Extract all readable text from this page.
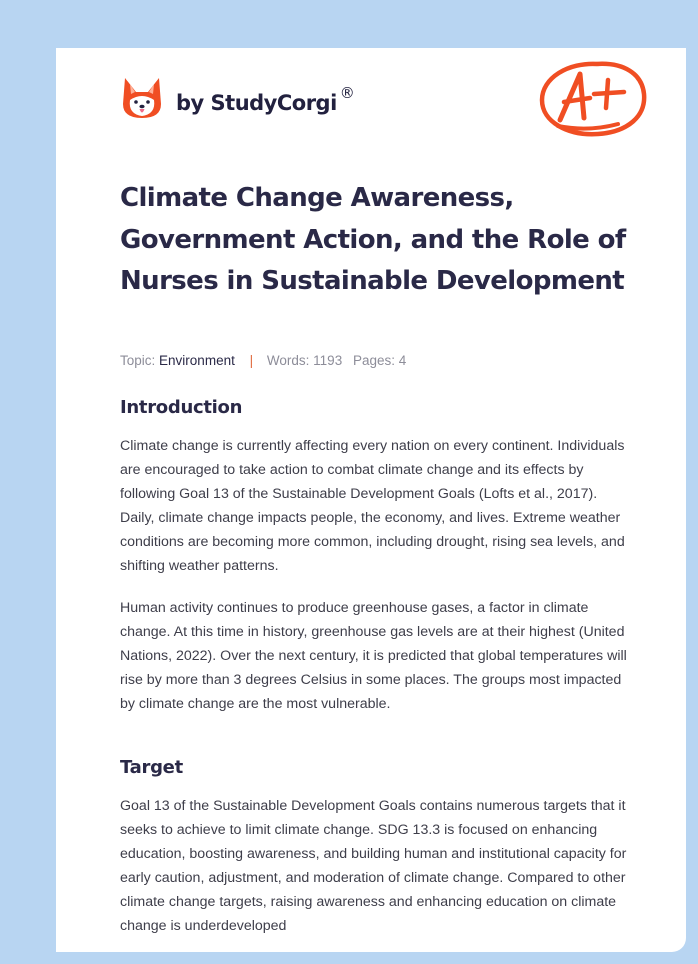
by StudyCorgi ®
Climate Change Awareness, Government Action, and the Role of Nurses in Sustainable Development
Topic: Environment | Words: 1193 Pages: 4
Introduction

Climate change is currently affecting every nation on every continent. Individuals are encouraged to take action to combat climate change and its effects by following Goal 13 of the Sustainable Development Goals (Lofts et al., 2017). Daily, climate change impacts people, the economy, and lives. Extreme weather conditions are becoming more common, including drought, rising sea levels, and shifting weather patterns.

Human activity continues to produce greenhouse gases, a factor in climate change. At this time in history, greenhouse gas levels are at their highest (United Nations, 2022). Over the next century, it is predicted that global temperatures will rise by more than 3 degrees Celsius in some places. The groups most impacted by climate change are the most vulnerable.

Target

Goal 13 of the Sustainable Development Goals contains numerous targets that it seeks to achieve to limit climate change. SDG 13.3 is focused on enhancing education, boosting awareness, and building human and institutional capacity for early caution, adjustment, and moderation of climate change. Compared to other climate change targets, raising awareness and enhancing education on climate change is underdeveloped
